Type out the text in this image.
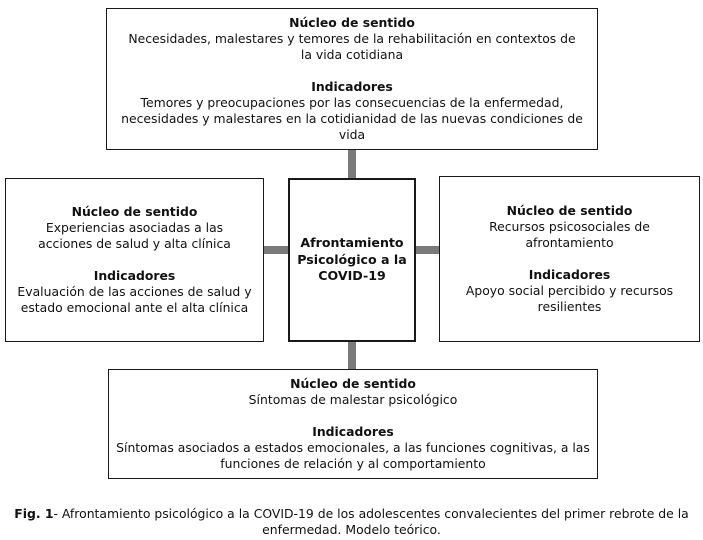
Núcleo de sentido

Necesidades, malestares y temores de la rehabilitación en contextos de la vida cotidiana

Indicadores

Temores y preocupaciones por las consecuencias de la enfermedad, necesidades y malestares en la cotidianidad de las nuevas condiciones de vida

Núcleo de sentido

Experiencias asociadas a las acciones de salud y alta clínica

Indicadores

Evaluación de las acciones de salud y estado emocional ante el alta clínica

Afrontamiento Psicológico a la COVID-19

Núcleo de sentido

Recursos psicosociales de afrontamiento

Indicadores

Apoyo social percibido y recursos resilientes

Núcleo de sentido

Síntomas de malestar psicológico

Indicadores

Síntomas asociados a estados emocionales, a las funciones cognitivas, a las funciones de relación y al comportamiento

Fig. 1- Afrontamiento psicológico a la COVID-19 de los adolescentes convalecientes del primer rebrote de la enfermedad. Modelo teórico.
